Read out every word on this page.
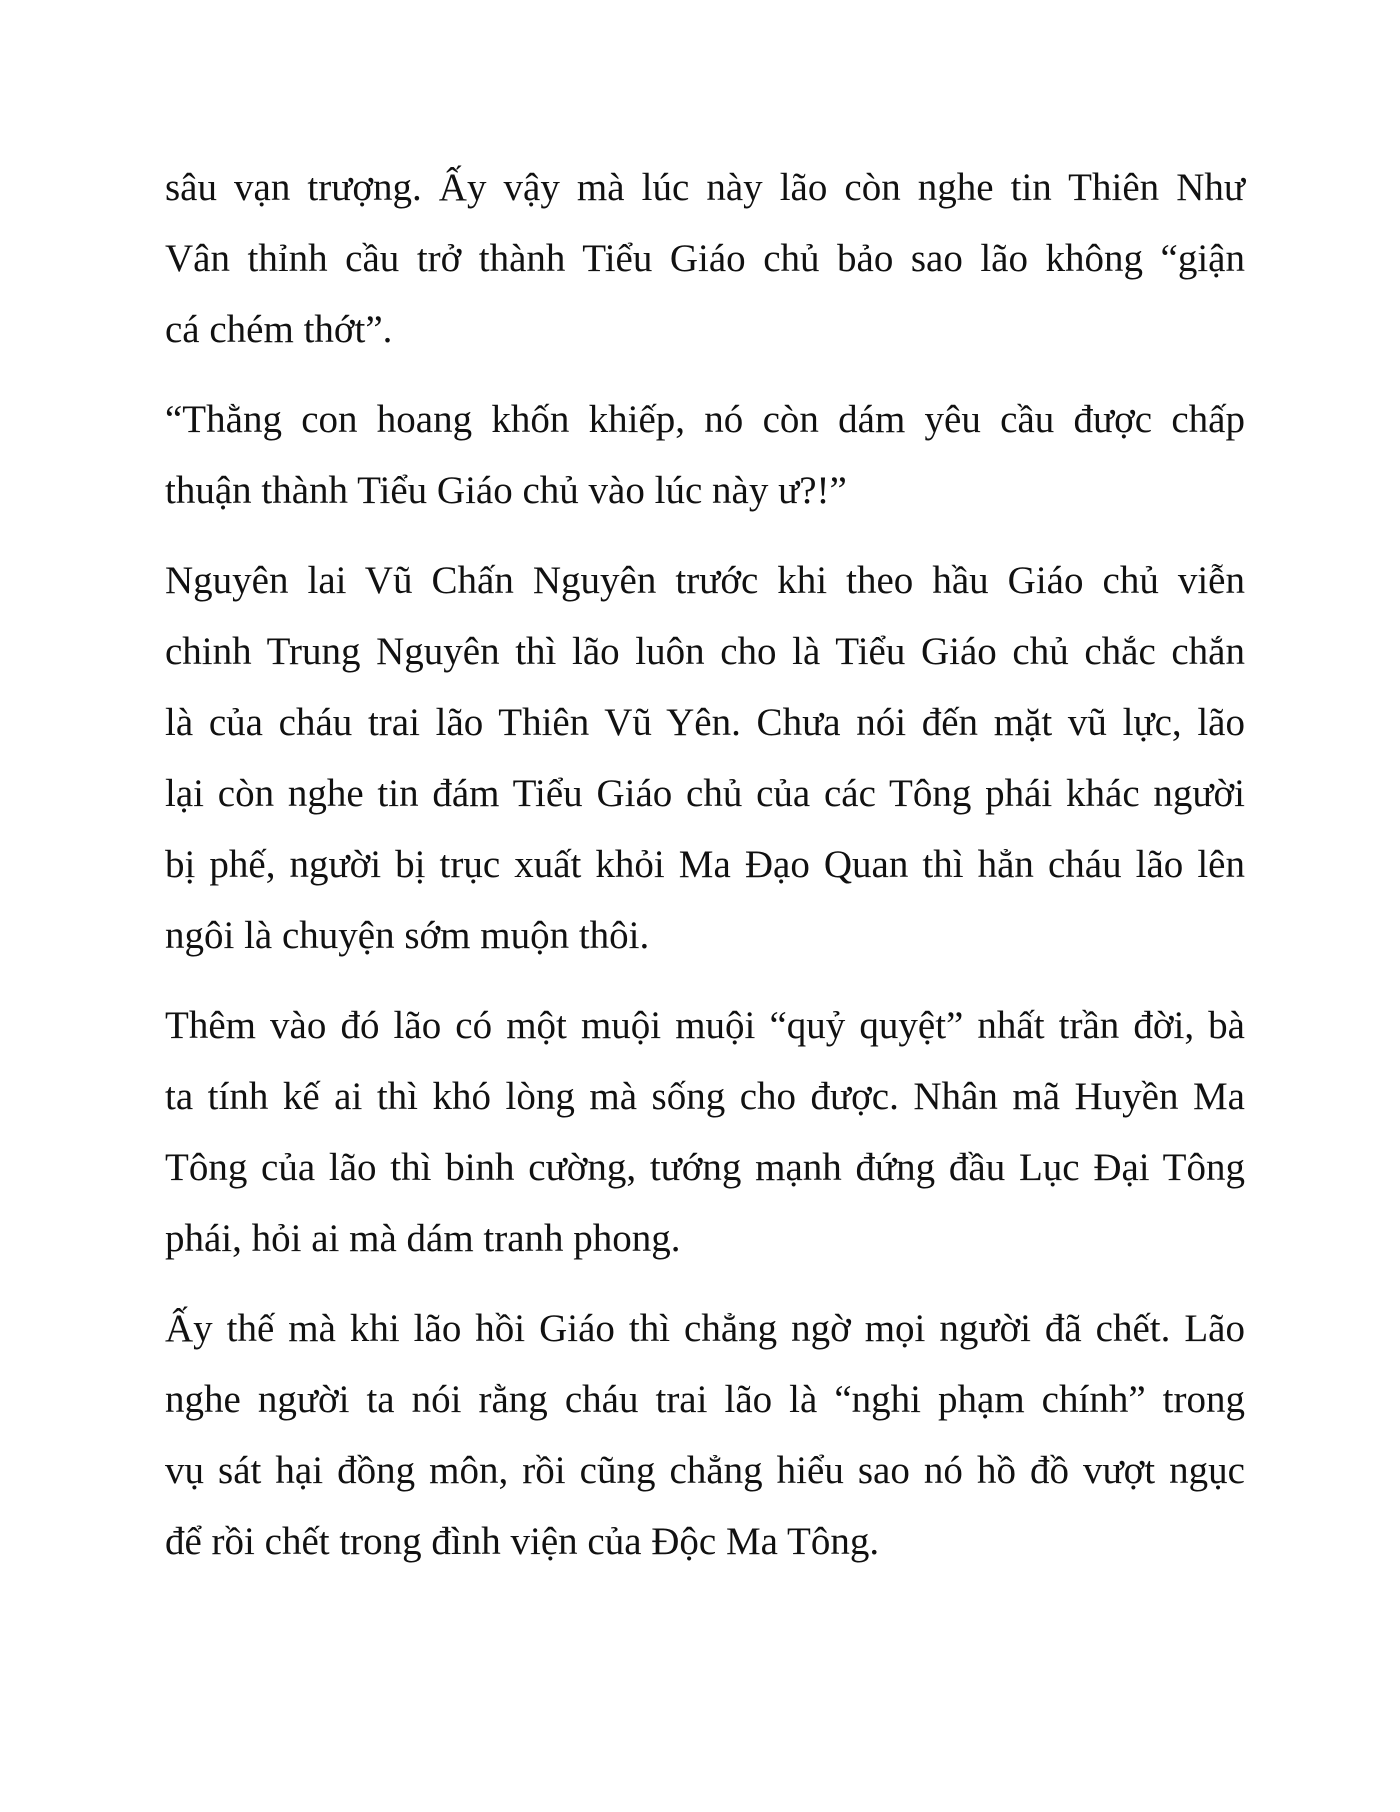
sâu vạn trượng. Ấy vậy mà lúc này lão còn nghe tin Thiên Như
Vân thỉnh cầu trở thành Tiểu Giáo chủ bảo sao lão không “giận
cá chém thớt”.

“Thằng con hoang khốn khiếp, nó còn dám yêu cầu được chấp
thuận thành Tiểu Giáo chủ vào lúc này ư?!”

Nguyên lai Vũ Chấn Nguyên trước khi theo hầu Giáo chủ viễn
chinh Trung Nguyên thì lão luôn cho là Tiểu Giáo chủ chắc chắn
là của cháu trai lão Thiên Vũ Yên. Chưa nói đến mặt vũ lực, lão
lại còn nghe tin đám Tiểu Giáo chủ của các Tông phái khác người
bị phế, người bị trục xuất khỏi Ma Đạo Quan thì hẳn cháu lão lên
ngôi là chuyện sớm muộn thôi.

Thêm vào đó lão có một muội muội “quỷ quyệt” nhất trần đời, bà
ta tính kế ai thì khó lòng mà sống cho được. Nhân mã Huyền Ma
Tông của lão thì binh cường, tướng mạnh đứng đầu Lục Đại Tông
phái, hỏi ai mà dám tranh phong.

Ấy thế mà khi lão hồi Giáo thì chẳng ngờ mọi người đã chết. Lão
nghe người ta nói rằng cháu trai lão là “nghi phạm chính” trong
vụ sát hại đồng môn, rồi cũng chẳng hiểu sao nó hồ đồ vượt ngục
để rồi chết trong đình viện của Độc Ma Tông.
